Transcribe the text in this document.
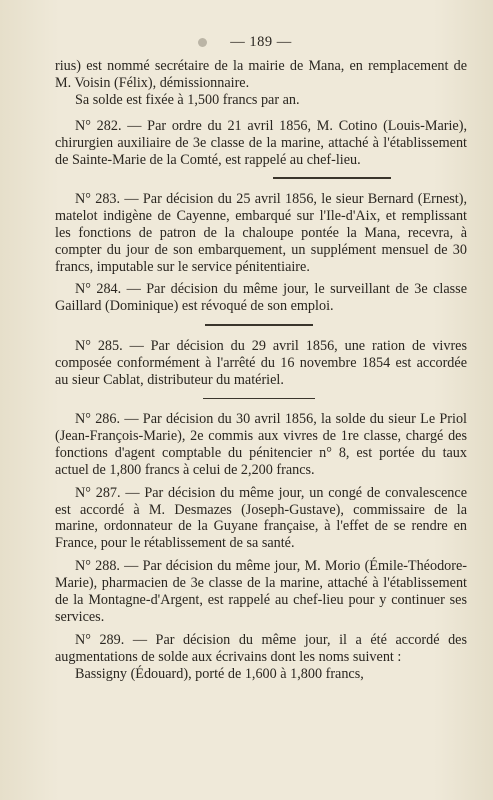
— 189 —

rius) est nommé secrétaire de la mairie de Mana, en remplacement de M. Voisin (Félix), démissionnaire.

Sa solde est fixée à 1,500 francs par an.

N° 282. — Par ordre du 21 avril 1856, M. Cotino (Louis-Marie), chirurgien auxiliaire de 3e classe de la marine, attaché à l'établissement de Sainte-Marie de la Comté, est rappelé au chef-lieu.

N° 283. — Par décision du 25 avril 1856, le sieur Bernard (Ernest), matelot indigène de Cayenne, embarqué sur l'Ile-d'Aix, et remplissant les fonctions de patron de la chaloupe pontée la Mana, recevra, à compter du jour de son embarquement, un supplément mensuel de 30 francs, imputable sur le service pénitentiaire.

N° 284. — Par décision du même jour, le surveillant de 3e classe Gaillard (Dominique) est révoqué de son emploi.

N° 285. — Par décision du 29 avril 1856, une ration de vivres composée conformément à l'arrêté du 16 novembre 1854 est accordée au sieur Cablat, distributeur du matériel.

N° 286. — Par décision du 30 avril 1856, la solde du sieur Le Priol (Jean-François-Marie), 2e commis aux vivres de 1re classe, chargé des fonctions d'agent comptable du pénitencier n° 8, est portée du taux actuel de 1,800 francs à celui de 2,200 francs.

N° 287. — Par décision du même jour, un congé de convalescence est accordé à M. Desmazes (Joseph-Gustave), commissaire de la marine, ordonnateur de la Guyane française, à l'effet de se rendre en France, pour le rétablissement de sa santé.

N° 288. — Par décision du même jour, M. Morio (Émile-Théodore-Marie), pharmacien de 3e classe de la marine, attaché à l'établissement de la Montagne-d'Argent, est rappelé au chef-lieu pour y continuer ses services.

N° 289. — Par décision du même jour, il a été accordé des augmentations de solde aux écrivains dont les noms suivent :

Bassigny (Édouard), porté de 1,600 à 1,800 francs,
